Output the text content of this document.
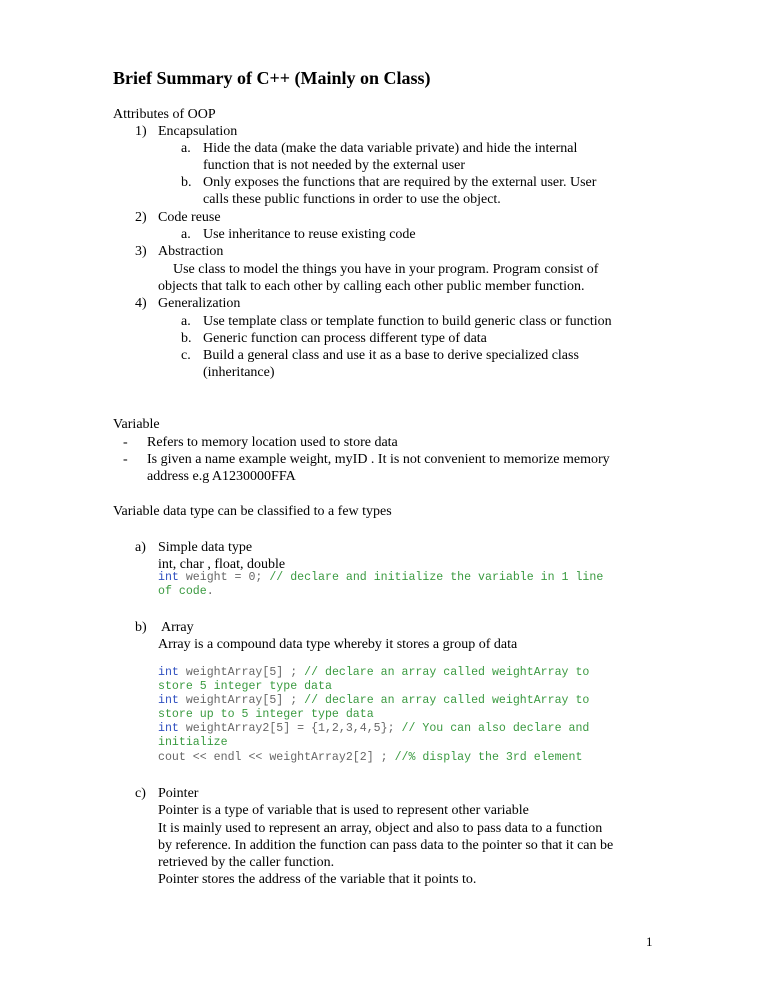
Brief Summary of C++ (Mainly on Class)
Attributes of OOP
1) Encapsulation
a. Hide the data (make the data variable private) and hide the internal
function that is not needed by the external user
b. Only exposes the functions that are required by the external user. User
calls these public functions in order to use the object.
2) Code reuse
a. Use inheritance to reuse existing code
3) Abstraction
Use class to model the things you have in your program. Program consist of
objects that talk to each other by calling each other public member function.
4) Generalization
a. Use template class or template function to build generic class or function
b. Generic function can process different type of data
c. Build a general class and use it as a base to derive specialized class
(inheritance)
Variable
- Refers to memory location used to store data
- Is given a name example weight, myID . It is not convenient to memorize memory
address e.g A1230000FFA
Variable data type can be classified to a few types
a) Simple data type
int, char , float, double
int weight = 0; // declare and initialize the variable in 1 line
of code.
b) Array
Array is a compound data type whereby it stores a group of data
int weightArray[5] ; // declare an array called weightArray to
store 5 integer type data
int weightArray[5] ; // declare an array called weightArray to
store up to 5 integer type data
int weightArray2[5] = {1,2,3,4,5}; // You can also declare and
initialize
cout << endl << weightArray2[2] ; //% display the 3rd element
c) Pointer
Pointer is a type of variable that is used to represent other variable
It is mainly used to represent an array, object and also to pass data to a function
by reference. In addition the function can pass data to the pointer so that it can be
retrieved by the caller function.
Pointer stores the address of the variable that it points to.
1
